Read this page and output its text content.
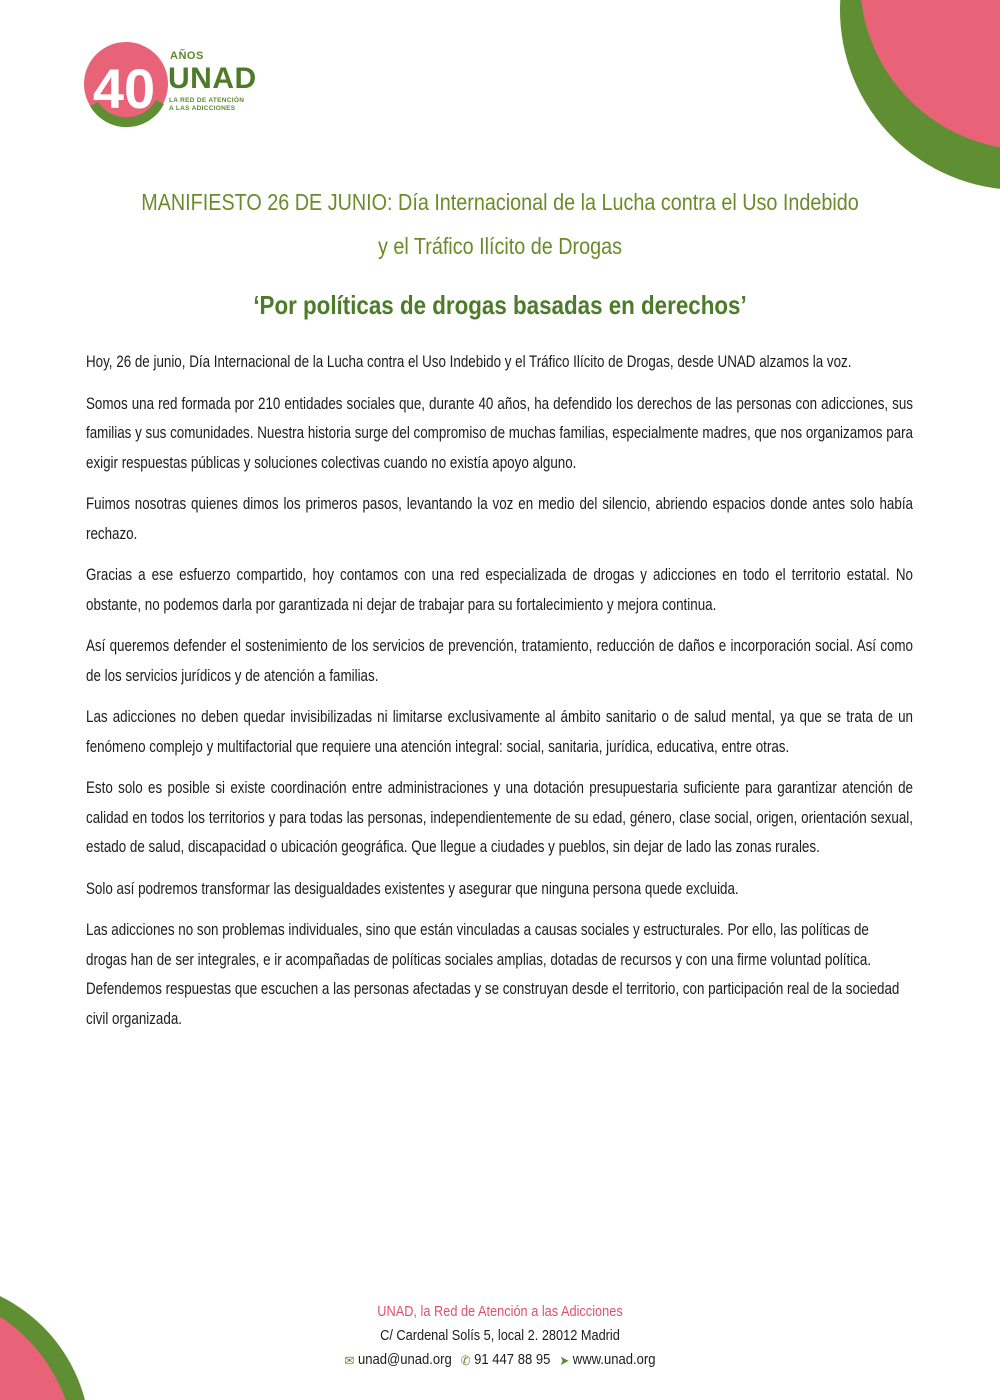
40
AÑOS
UNAD
LA RED DE ATENCIÓN
A LAS ADICCIONES
MANIFIESTO 26 DE JUNIO: Día Internacional de la Lucha contra el Uso Indebido y el Tráfico Ilícito de Drogas
‘Por políticas de drogas basadas en derechos’

Hoy, 26 de junio, Día Internacional de la Lucha contra el Uso Indebido y el Tráfico Ilícito de Drogas, desde UNAD alzamos la voz.

Somos una red formada por 210 entidades sociales que, durante 40 años, ha defendido los derechos de las personas con adicciones, sus familias y sus comunidades. Nuestra historia surge del compromiso de muchas familias, especialmente madres, que nos organizamos para exigir respuestas públicas y soluciones colectivas cuando no existía apoyo alguno.

Fuimos nosotras quienes dimos los primeros pasos, levantando la voz en medio del silencio, abriendo espacios donde antes solo había rechazo.

Gracias a ese esfuerzo compartido, hoy contamos con una red especializada de drogas y adicciones en todo el territorio estatal. No obstante, no podemos darla por garantizada ni dejar de trabajar para su fortalecimiento y mejora continua.

Así queremos defender el sostenimiento de los servicios de prevención, tratamiento, reducción de daños e incorporación social. Así como de los servicios jurídicos y de atención a familias.

Las adicciones no deben quedar invisibilizadas ni limitarse exclusivamente al ámbito sanitario o de salud mental, ya que se trata de un fenómeno complejo y multifactorial que requiere una atención integral: social, sanitaria, jurídica, educativa, entre otras.

Esto solo es posible si existe coordinación entre administraciones y una dotación presupuestaria suficiente para garantizar atención de calidad en todos los territorios y para todas las personas, independientemente de su edad, género, clase social, origen, orientación sexual, estado de salud, discapacidad o ubicación geográfica. Que llegue a ciudades y pueblos, sin dejar de lado las zonas rurales.

Solo así podremos transformar las desigualdades existentes y asegurar que ninguna persona quede excluida.

Las adicciones no son problemas individuales, sino que están vinculadas a causas sociales y estructurales. Por ello, las políticas de drogas han de ser integrales, e ir acompañadas de políticas sociales amplias, dotadas de recursos y con una firme voluntad política. Defendemos respuestas que escuchen a las personas afectadas y se construyan desde el territorio, con participación real de la sociedad civil organizada.

UNAD, la Red de Atención a las Adicciones
C/ Cardenal Solís 5, local 2. 28012 Madrid
✉ unad@unad.org ✆ 91 447 88 95 ➤ www.unad.org
